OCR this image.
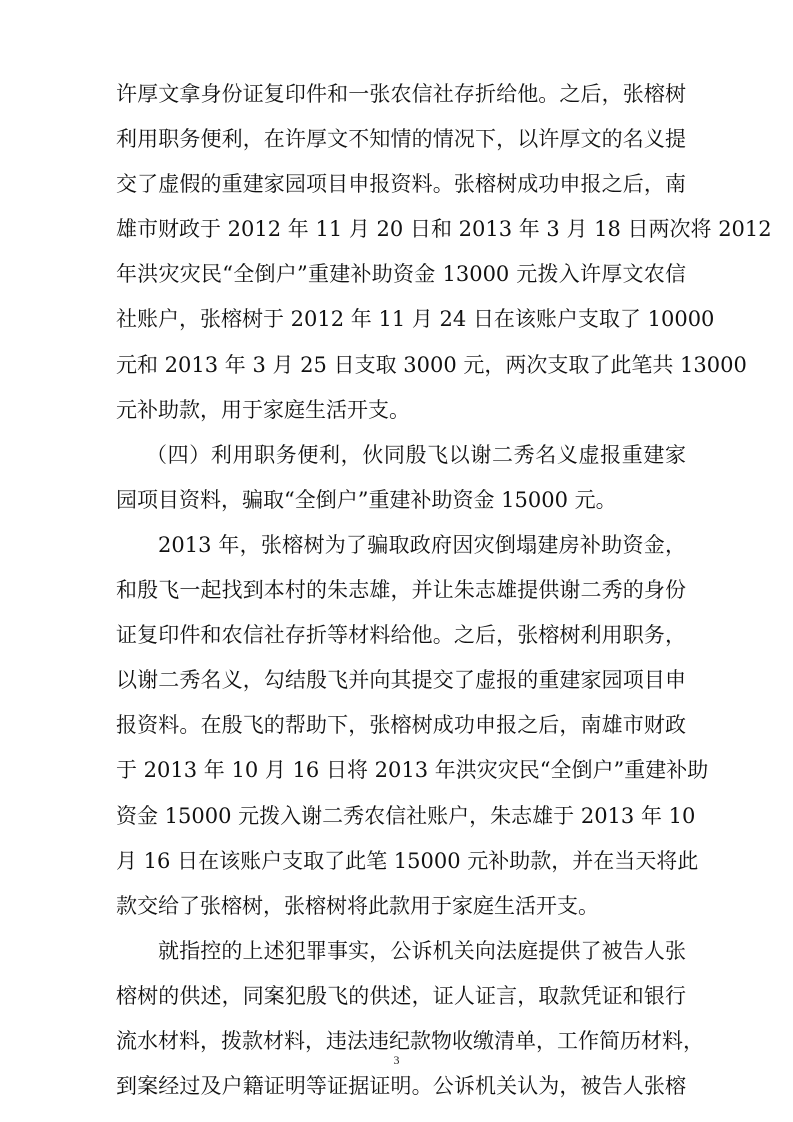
许厚文拿身份证复印件和一张农信社存折给他。之后，张榕树
利用职务便利，在许厚文不知情的情况下，以许厚文的名义提
交了虚假的重建家园项目申报资料。张榕树成功申报之后，南
雄市财政于 2012 年 11 月 20 日和 2013 年 3 月 18 日两次将 2012
年洪灾灾民“全倒户”重建补助资金 13000 元拨入许厚文农信
社账户，张榕树于 2012 年 11 月 24 日在该账户支取了 10000
元和 2013 年 3 月 25 日支取 3000 元，两次支取了此笔共 13000
元补助款，用于家庭生活开支。
（四）利用职务便利，伙同殷飞以谢二秀名义虚报重建家
园项目资料，骗取“全倒户”重建补助资金 15000 元。
2013 年，张榕树为了骗取政府因灾倒塌建房补助资金，
和殷飞一起找到本村的朱志雄，并让朱志雄提供谢二秀的身份
证复印件和农信社存折等材料给他。之后，张榕树利用职务，
以谢二秀名义，勾结殷飞并向其提交了虚报的重建家园项目申
报资料。在殷飞的帮助下，张榕树成功申报之后，南雄市财政
于 2013 年 10 月 16 日将 2013 年洪灾灾民“全倒户”重建补助
资金 15000 元拨入谢二秀农信社账户，朱志雄于 2013 年 10
月 16 日在该账户支取了此笔 15000 元补助款，并在当天将此
款交给了张榕树，张榕树将此款用于家庭生活开支。
就指控的上述犯罪事实，公诉机关向法庭提供了被告人张
榕树的供述，同案犯殷飞的供述，证人证言，取款凭证和银行
流水材料，拨款材料，违法违纪款物收缴清单，工作简历材料，
到案经过及户籍证明等证据证明。公诉机关认为，被告人张榕
3
